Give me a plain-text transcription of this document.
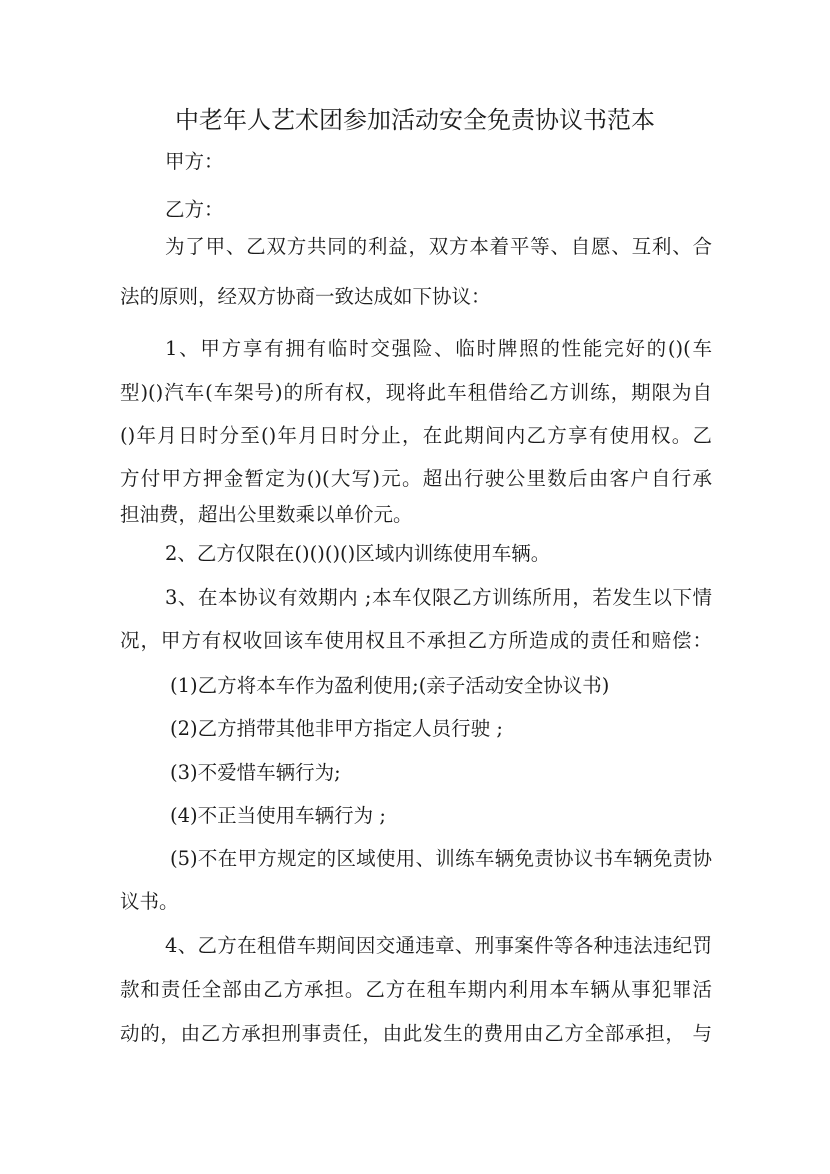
中老年人艺术团参加活动安全免责协议书范本
甲方：
乙方：
为了甲、乙双方共同的利益，双方本着平等、自愿、互利、合
法的原则，经双方协商一致达成如下协议：
1、甲方享有拥有临时交强险、临时牌照的性能完好的()(车
型)()汽车(车架号)的所有权，现将此车租借给乙方训练，期限为自
()年月日时分至()年月日时分止，在此期间内乙方享有使用权。乙
方付甲方押金暂定为()(大写)元。超出行驶公里数后由客户自行承
担油费，超出公里数乘以单价元。
2、乙方仅限在()()()()区域内训练使用车辆。
3、在本协议有效期内 ;本车仅限乙方训练所用，若发生以下情
况，甲方有权收回该车使用权且不承担乙方所造成的责任和赔偿：
(1)乙方将本车作为盈利使用;(亲子活动安全协议书)
(2)乙方捎带其他非甲方指定人员行驶 ;
(3)不爱惜车辆行为;
(4)不正当使用车辆行为 ;
(5)不在甲方规定的区域使用、训练车辆免责协议书车辆免责协
议书。
4、乙方在租借车期间因交通违章、刑事案件等各种违法违纪罚
款和责任全部由乙方承担。乙方在租车期内利用本车辆从事犯罪活
动的，由乙方承担刑事责任，由此发生的费用由乙方全部承担， 与
